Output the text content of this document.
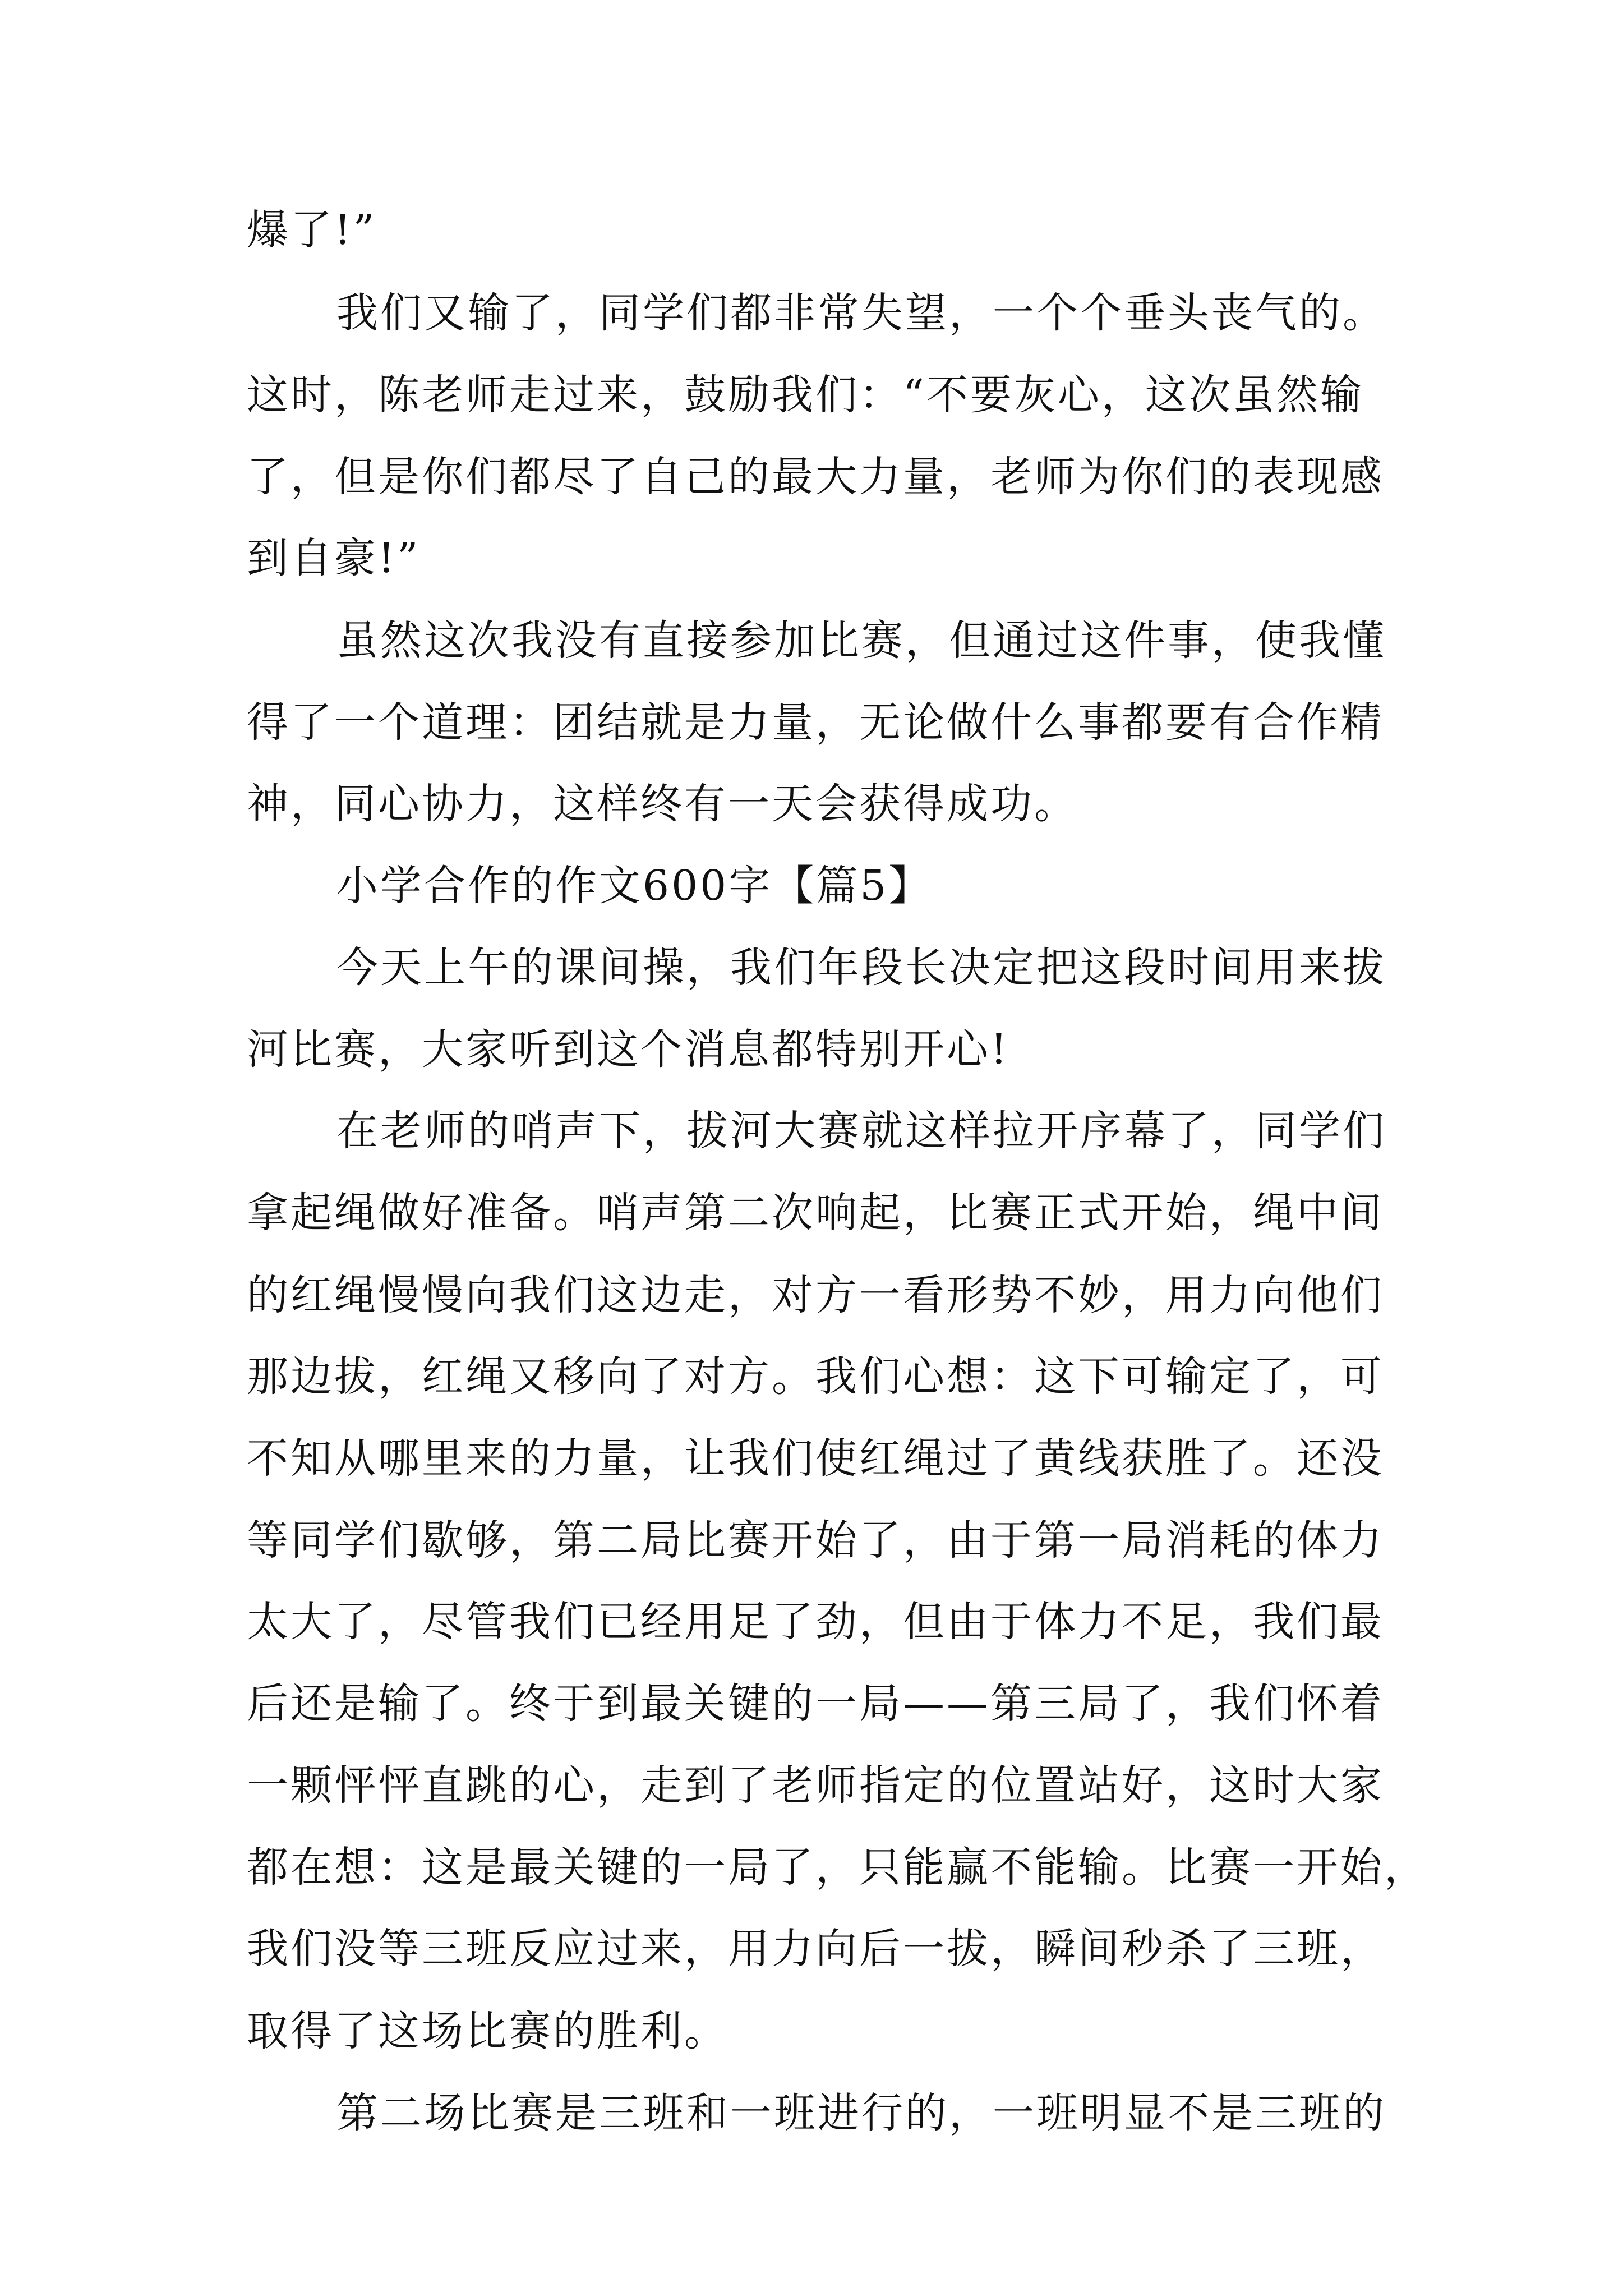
爆了!”
我们又输了，同学们都非常失望，一个个垂头丧气的。
这时，陈老师走过来，鼓励我们：“不要灰心，这次虽然输
了，但是你们都尽了自己的最大力量，老师为你们的表现感
到自豪!”
虽然这次我没有直接参加比赛，但通过这件事，使我懂
得了一个道理：团结就是力量，无论做什么事都要有合作精
神，同心协力，这样终有一天会获得成功。
小学合作的作文600字【篇5】
今天上午的课间操，我们年段长决定把这段时间用来拔
河比赛，大家听到这个消息都特别开心!
在老师的哨声下，拔河大赛就这样拉开序幕了，同学们
拿起绳做好准备。哨声第二次响起，比赛正式开始，绳中间
的红绳慢慢向我们这边走，对方一看形势不妙，用力向他们
那边拔，红绳又移向了对方。我们心想：这下可输定了，可
不知从哪里来的力量，让我们使红绳过了黄线获胜了。还没
等同学们歇够，第二局比赛开始了，由于第一局消耗的体力
太大了，尽管我们已经用足了劲，但由于体力不足，我们最
后还是输了。终于到最关键的一局——第三局了，我们怀着
一颗怦怦直跳的心，走到了老师指定的位置站好，这时大家
都在想：这是最关键的一局了，只能赢不能输。比赛一开始，
我们没等三班反应过来，用力向后一拔，瞬间秒杀了三班，
取得了这场比赛的胜利。
第二场比赛是三班和一班进行的，一班明显不是三班的
